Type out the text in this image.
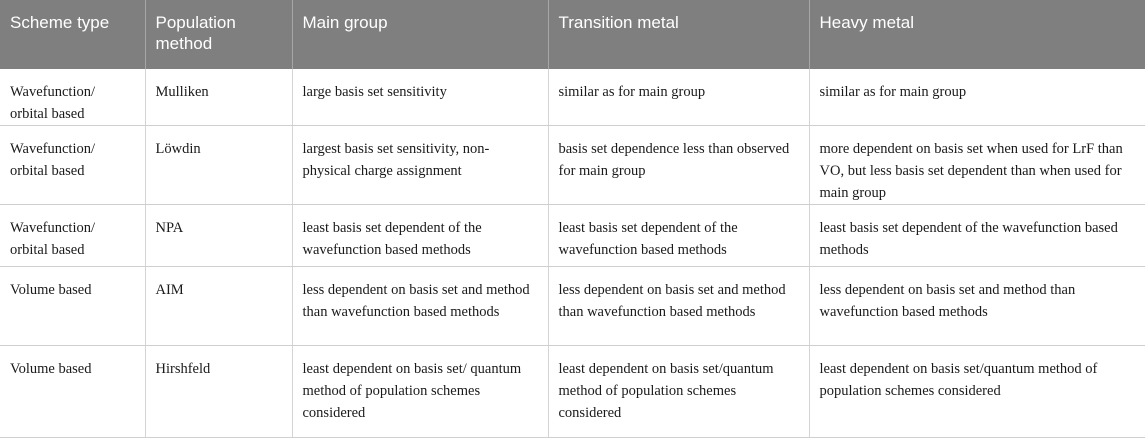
Scheme type	Population method	Main group	Transition metal	Heavy metal
Wavefunction/ orbital based	Mulliken	large basis set sensitivity	similar as for main group	similar as for main group
Wavefunction/ orbital based	Löwdin	largest basis set sensitivity, non-physical charge assignment	basis set dependence less than observed for main group	more dependent on basis set when used for LrF than VO, but less basis set dependent than when used for main group
Wavefunction/ orbital based	NPA	least basis set dependent of the wavefunction based methods	least basis set dependent of the wavefunction based methods	least basis set dependent of the wavefunction based methods
Volume based	AIM	less dependent on basis set and method than wavefunction based methods	less dependent on basis set and method than wavefunction based methods	less dependent on basis set and method than wavefunction based methods
Volume based	Hirshfeld	least dependent on basis set/ quantum method of population schemes considered	least dependent on basis set/quantum method of population schemes considered	least dependent on basis set/quantum method of population schemes considered
